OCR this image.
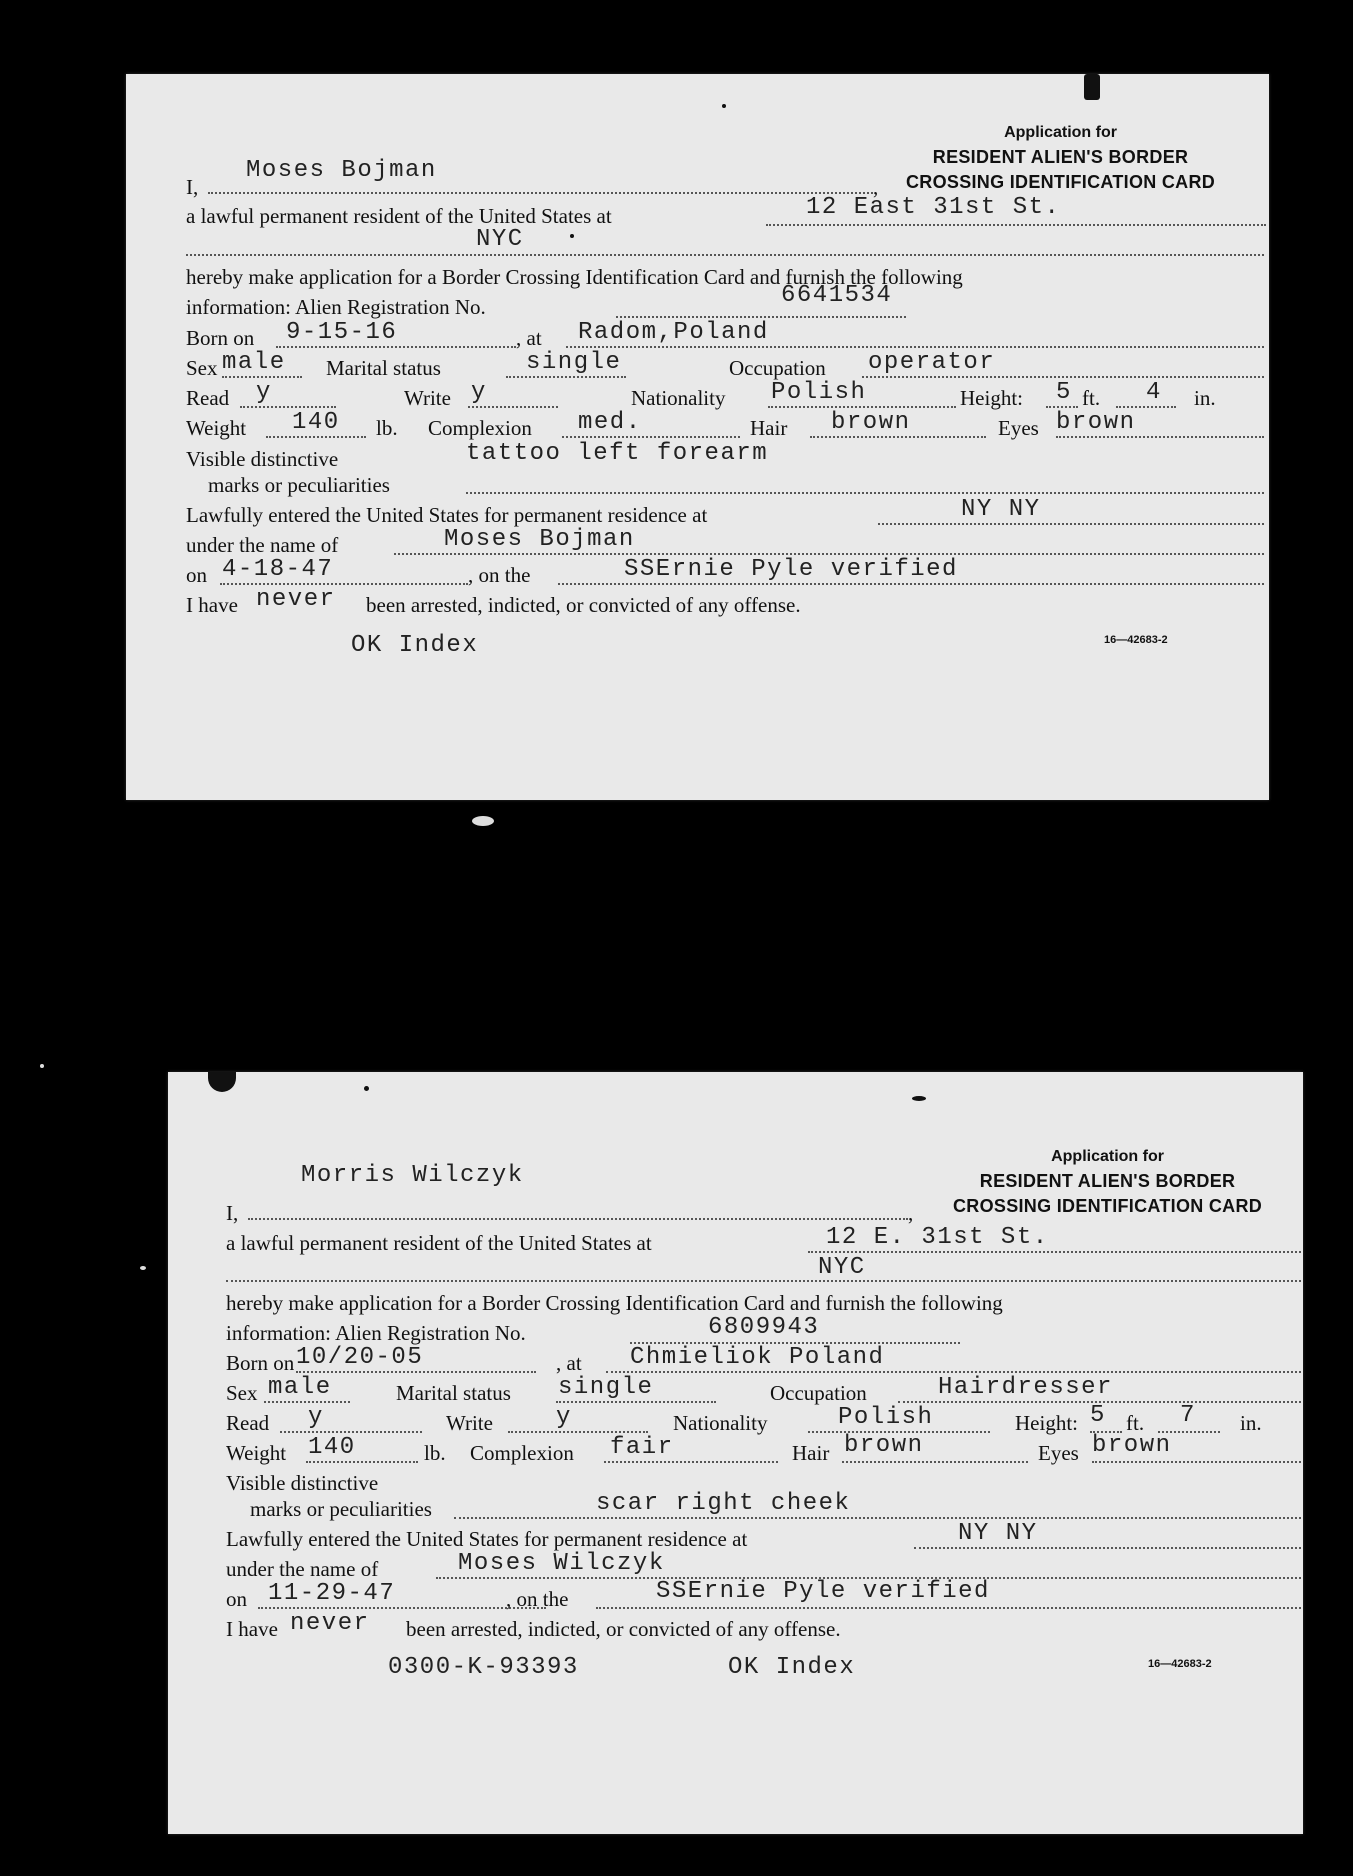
Application for
RESIDENT ALIEN'S BORDER
CROSSING IDENTIFICATION CARD
I,
Moses Bojman
,
a lawful permanent resident of the United States at	12 East 31st St.
NYC
hereby make application for a Border Crossing Identification Card and furnish the following
information: Alien Registration No.	6641534
Born on 9-15-16	, at Radom,Poland
Sex male Marital status	single	Occupation operator
Read y	Write y	Nationality Polish	Height: 5 ft. 4 in.
Weight 140 lb. Complexion med.	Hair brown	Eyes brown
Visible distinctive	tattoo left forearm
marks or peculiarities
Lawfully entered the United States for permanent residence at	NY NY
under the name of	Moses Bojman
on 4-18-47	, on the	SSErnie Pyle verified
I have never been arrested, indicted, or convicted of any offense.
OK Index	16—42683-2
Application for
RESIDENT ALIEN'S BORDER
CROSSING IDENTIFICATION CARD
Morris Wilczyk
I,	,
a lawful permanent resident of the United States at	12 E. 31st St.
NYC
hereby make application for a Border Crossing Identification Card and furnish the following
information: Alien Registration No.	6809943
Born on 10/20-05	, at Chmieliok Poland
Sex male	Marital status single	Occupation	Hairdresser
Read y	Write	y	Nationality	Polish	Height: 5 ft. 7 in.
Weight 140	lb. Complexion fair	Hair brown	Eyes brown
Visible distinctive
marks or peculiarities	scar right cheek
Lawfully entered the United States for permanent residence at	NY NY
under the name of	Moses Wilczyk
on 11-29-47	, on the	SSErnie Pyle verified
I have never been arrested, indicted, or convicted of any offense.
0300-K-93393	OK Index	16—42683-2
